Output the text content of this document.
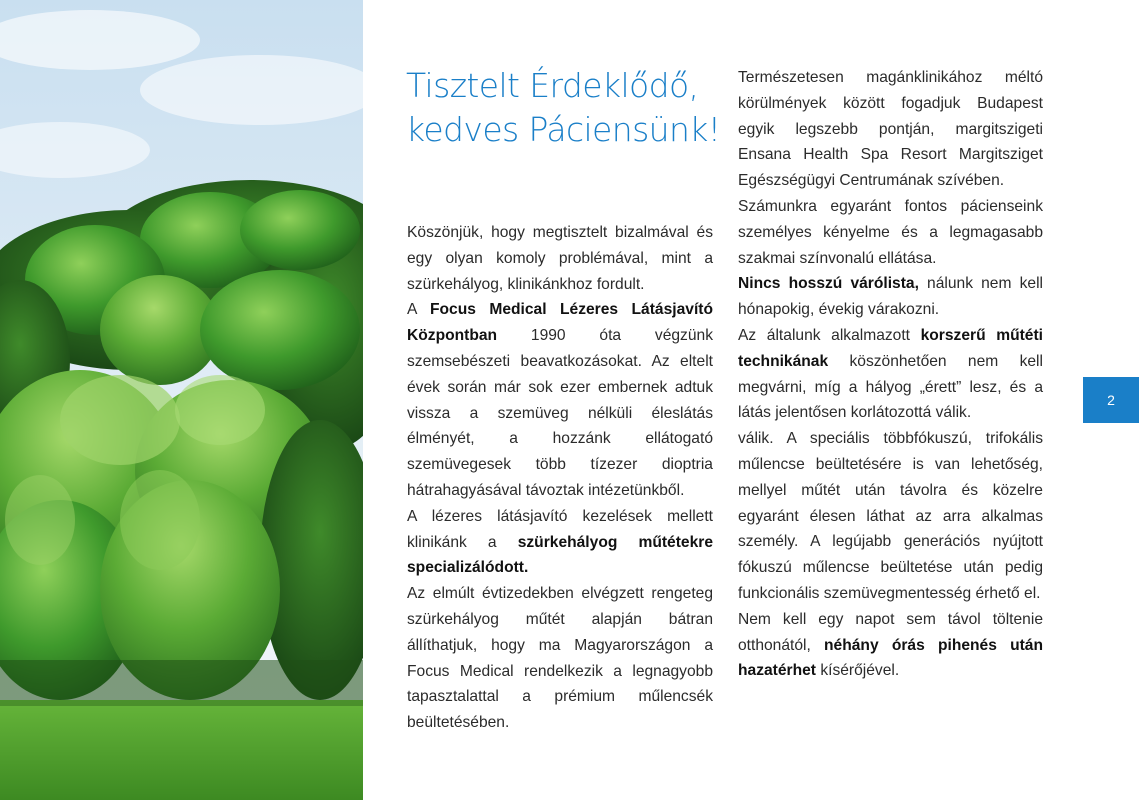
Tisztelt Érdeklődő,
kedves Páciensünk!

Köszönjük, hogy megtisztelt bizalmával és egy olyan komoly problémával, mint a szürkehályog, klinikánkhoz fordult.

A Focus Medical Lézeres Látásjavító Központban 1990 óta végzünk szemsebészeti beavatkozásokat. Az eltelt évek során már sok ezer embernek adtuk vissza a szemüveg nélküli éleslátás élményét, a hozzánk ellátogató szemüvegesek több tízezer dioptria hátrahagyásával távoztak intézetünkből.

A lézeres látásjavító kezelések mellett klinikánk a szürkehályog műtétekre specializálódott.

Az elmúlt évtizedekben elvégzett rengeteg szürkehályog műtét alapján bátran állíthatjuk, hogy ma Magyarországon a Focus Medical rendelkezik a legnagyobb tapasztalattal a prémium műlencsék beültetésében.

Természetesen magánklinikához méltó körülmények között fogadjuk Budapest egyik legszebb pontján, margitszigeti Ensana Health Spa Resort Margitsziget Egészségügyi Centrumának szívében.

Számunkra egyaránt fontos pácienseink személyes kényelme és a legmagasabb szakmai színvonalú ellátása.

Nincs hosszú várólista, nálunk nem kell hónapokig, évekig várakozni.

Az általunk alkalmazott korszerű műtéti technikának köszönhetően nem kell megvárni, míg a hályog „érett” lesz, és a látás jelentősen korlátozottá válik.

válik. A speciális többfókuszú, trifokális műlencse beültetésére is van lehetőség, mellyel műtét után távolra és közelre egyaránt élesen láthat az arra alkalmas személy. A legújabb generációs nyújtott fókuszú műlencse beültetése után pedig funkcionális szemüvegmentesség érhető el.

Nem kell egy napot sem távol töltenie otthonától, néhány órás pihenés után hazatérhet kísérőjével.

2
